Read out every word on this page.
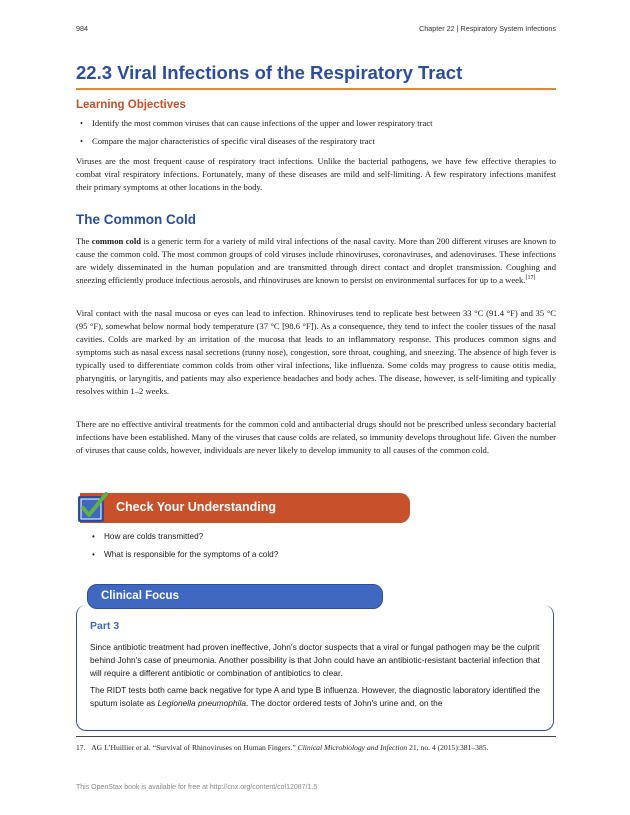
984	Chapter 22 | Respiratory System Infections
22.3 Viral Infections of the Respiratory Tract
Learning Objectives
• Identify the most common viruses that can cause infections of the upper and lower respiratory tract
• Compare the major characteristics of specific viral diseases of the respiratory tract

Viruses are the most frequent cause of respiratory tract infections. Unlike the bacterial pathogens, we have few effective therapies to combat viral respiratory infections. Fortunately, many of these diseases are mild and self-limiting. A few respiratory infections manifest their primary symptoms at other locations in the body.

The Common Cold

The common cold is a generic term for a variety of mild viral infections of the nasal cavity. More than 200 different viruses are known to cause the common cold. The most common groups of cold viruses include rhinoviruses, coronaviruses, and adenoviruses. These infections are widely disseminated in the human population and are transmitted through direct contact and droplet transmission. Coughing and sneezing efficiently produce infectious aerosols, and rhinoviruses are known to persist on environmental surfaces for up to a week.[17]

Viral contact with the nasal mucosa or eyes can lead to infection. Rhinoviruses tend to replicate best between 33 °C (91.4 °F) and 35 °C (95 °F), somewhat below normal body temperature (37 °C [98.6 °F]). As a consequence, they tend to infect the cooler tissues of the nasal cavities. Colds are marked by an irritation of the mucosa that leads to an inflammatory response. This produces common signs and symptoms such as nasal excess nasal secretions (runny nose), congestion, sore throat, coughing, and sneezing. The absence of high fever is typically used to differentiate common colds from other viral infections, like influenza. Some colds may progress to cause otitis media, pharyngitis, or laryngitis, and patients may also experience headaches and body aches. The disease, however, is self-limiting and typically resolves within 1–2 weeks.

There are no effective antiviral treatments for the common cold and antibacterial drugs should not be prescribed unless secondary bacterial infections have been established. Many of the viruses that cause colds are related, so immunity develops throughout life. Given the number of viruses that cause colds, however, individuals are never likely to develop immunity to all causes of the common cold.

Check Your Understanding
• How are colds transmitted?
• What is responsible for the symptoms of a cold?
Clinical Focus
Part 3

Since antibiotic treatment had proven ineffective, John's doctor suspects that a viral or fungal pathogen may be the culprit behind John's case of pneumonia. Another possibility is that John could have an antibiotic-resistant bacterial infection that will require a different antibiotic or combination of antibiotics to clear.

The RIDT tests both came back negative for type A and type B influenza. However, the diagnostic laboratory identified the sputum isolate as Legionella pneumophila. The doctor ordered tests of John's urine and, on the

17. AG L’Huillier et al. “Survival of Rhinoviruses on Human Fingers.” Clinical Microbiology and Infection 21, no. 4 (2015):381–385.
This OpenStax book is available for free at http://cnx.org/content/col12087/1.5
